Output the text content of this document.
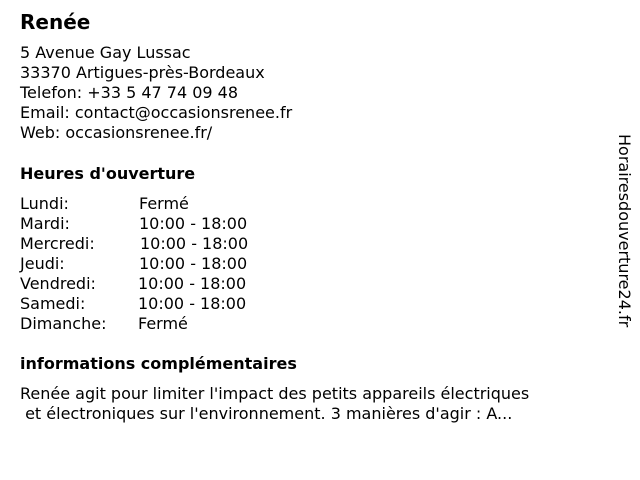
Renée
5 Avenue Gay Lussac
33370 Artigues-près-Bordeaux
Telefon: +33 5 47 74 09 48
Email: contact@occasionsrenee.fr
Web: occasionsrenee.fr/
Heures d'ouverture
Lundi:	Fermé
Mardi:	10:00 - 18:00
Mercredi:	10:00 - 18:00
Jeudi:	10:00 - 18:00
Vendredi:	10:00 - 18:00
Samedi:	10:00 - 18:00
Dimanche: Fermé
informations complémentaires
Renée agit pour limiter l'impact des petits appareils électriques
et électroniques sur l'environnement. 3 manières d'agir : A...
Horairesdouverture24.fr
